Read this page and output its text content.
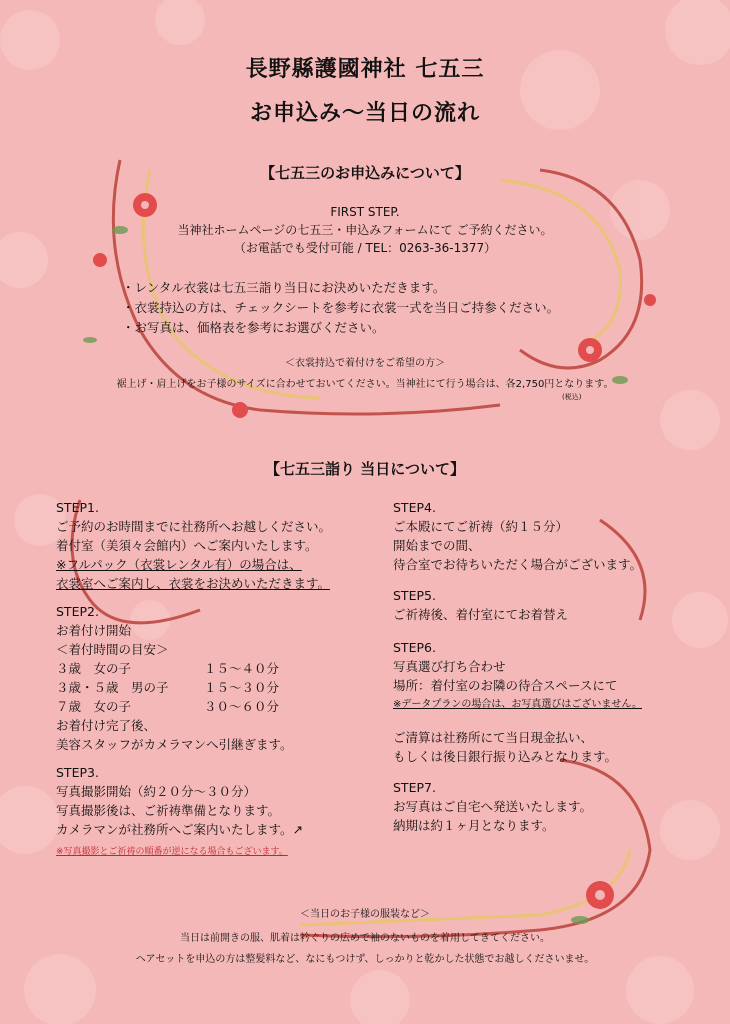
長野縣護國神社 七五三
お申込み〜当日の流れ
【七五三のお申込みについて】
FIRST STEP.
当神社ホームページの七五三・申込みフォームにて ご予約ください。
（お電話でも受付可能 / TEL：0263-36-1377）
・レンタル衣裳は七五三詣り当日にお決めいただきます。
・衣裳持込の方は、チェックシートを参考に衣裳一式を当日ご持参ください。
・お写真は、価格表を参考にお選びください。
＜衣裳持込で着付けをご希望の方＞
裾上げ・肩上げをお子様のサイズに合わせておいてください。当神社にて行う場合は、各2,750円となります。
(税込)
【七五三詣り 当日について】
STEP1.
ご予約のお時間までに社務所へお越しください。
着付室（美須々会館内）へご案内いたします。
※フルパック（衣裳レンタル有）の場合は、
衣裳室へご案内し、衣裳をお決めいただきます。
STEP2.
お着付け開始
＜着付時間の目安＞
３歳　女の子	１５〜４０分
３歳・５歳　男の子	１５〜３０分
７歳　女の子	３０〜６０分
お着付け完了後、
美容スタッフがカメラマンへ引継ぎます。
STEP3.
写真撮影開始（約２０分〜３０分）
写真撮影後は、ご祈祷準備となります。
カメラマンが社務所へご案内いたします。↗
※写真撮影とご祈祷の順番が逆になる場合もございます。
STEP4.
ご本殿にてご祈祷（約１５分）
開始までの間、
待合室でお待ちいただく場合がございます。
STEP5.
ご祈祷後、着付室にてお着替え
STEP6.
写真選び打ち合わせ
場所：着付室のお隣の待合スペースにて
※データプランの場合は、お写真選びはございません。
ご清算は社務所にて当日現金払い、
もしくは後日銀行振り込みとなります。
STEP7.
お写真はご自宅へ発送いたします。
納期は約１ヶ月となります。
＜当日のお子様の服装など＞
当日は前開きの服、肌着は衿ぐりの広めで袖のないものを着用してきてください。
ヘアセットを申込の方は整髪料など、なにもつけず、しっかりと乾かした状態でお越しくださいませ。
